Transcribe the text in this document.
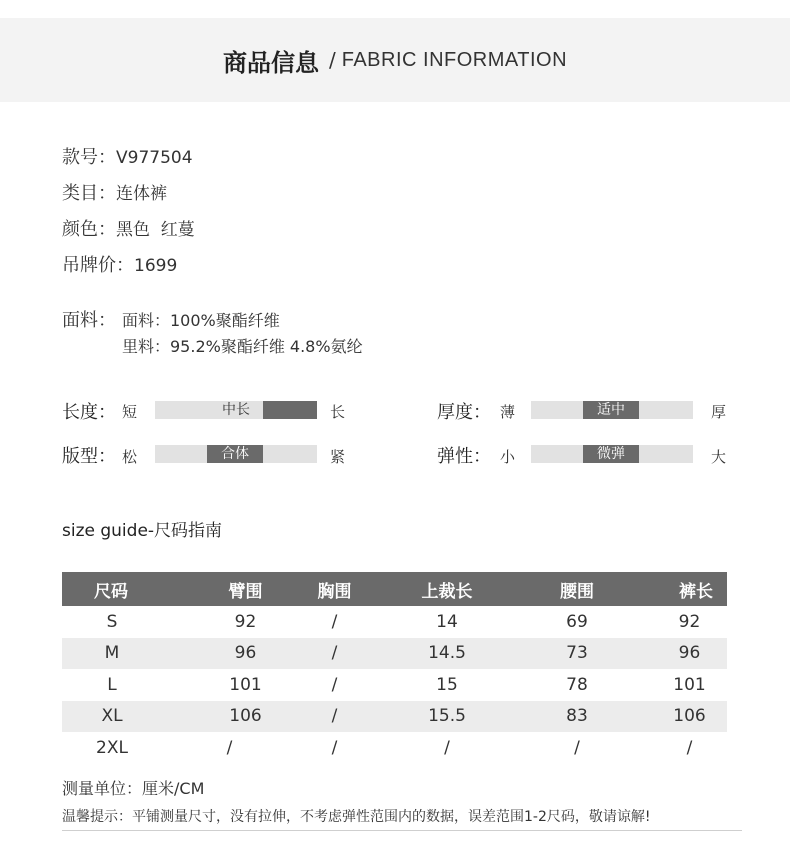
商品信息 / FABRIC INFORMATION
款号：V977504
类目：连体裤
颜色：黑色  红蔓
吊牌价：1699
面料： 面料：100%聚酯纤维
里料：95.2%聚酯纤维 4.8%氨纶
长度： 短	中长	长	厚度： 薄	适中	厚
版型： 松	合体	紧	弹性： 小	微弹	大
size guide-尺码指南
尺码	臂围	胸围	上裁长	腰围	裤长
S	92	/	14	69	92
M	96	/	14.5	73	96
L	101	/	15	78	101
XL	106	/	15.5	83	106
2XL	/	/	/	/	/
测量单位：厘米/CM
温馨提示：平铺测量尺寸，没有拉伸，不考虑弹性范围内的数据，误差范围1-2尺码，敬请谅解!
